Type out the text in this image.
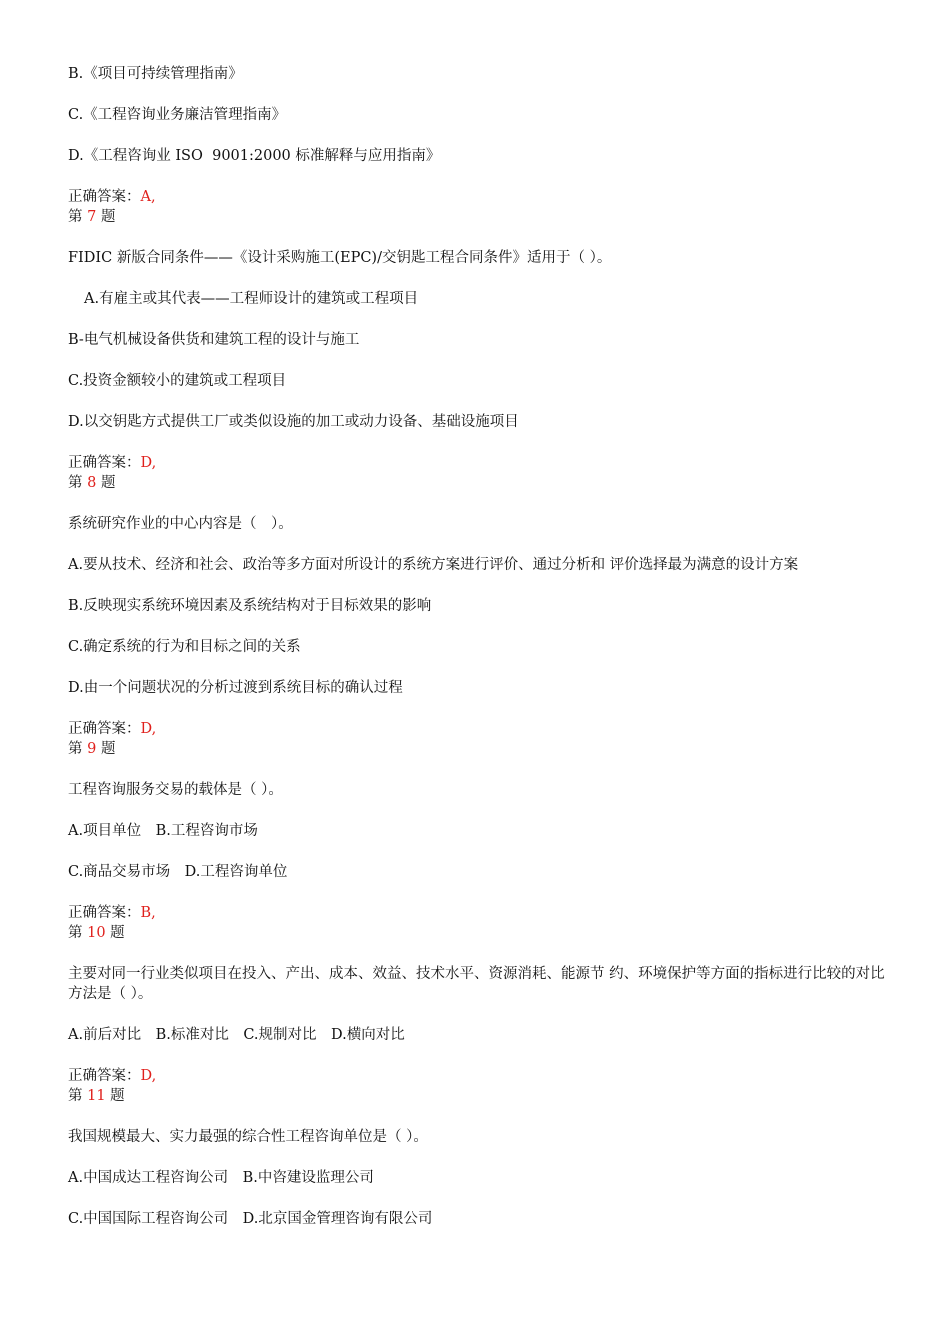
B.《项目可持续管理指南》
C.《工程咨询业务廉洁管理指南》
D.《工程咨询业 ISO  9001:2000 标准解释与应用指南》
正确答案：A,
第 7 题
FIDIC 新版合同条件——《设计采购施工(EPC)/交钥匙工程合同条件》适用于（ ）。
A.有雇主或其代表——工程师设计的建筑或工程项目
B-电气机械设备供货和建筑工程的设计与施工
C.投资金额较小的建筑或工程项目
D.以交钥匙方式提供工厂或类似设施的加工或动力设备、基础设施项目
正确答案：D,
第 8 题
系统研究作业的中心内容是（　）。
A.要从技术、经济和社会、政治等多方面对所设计的系统方案进行评价、通过分析和 评价选择最为满意的设计方案
B.反映现实系统环境因素及系统结构对于目标效果的影响
C.确定系统的行为和目标之间的关系
D.由一个问题状况的分析过渡到系统目标的确认过程
正确答案：D,
第 9 题
工程咨询服务交易的载体是（ ）。
A.项目单位　B.工程咨询市场
C.商品交易市场　D.工程咨询单位
正确答案：B,
第 10 题
主要对同一行业类似项目在投入、产出、成本、效益、技术水平、资源消耗、能源节 约、环境保护等方面的指标进行比较的对比方法是（ ）。
A.前后对比　B.标准对比　C.规制对比　D.横向对比
正确答案：D,
第 11 题
我国规模最大、实力最强的综合性工程咨询单位是（ ）。
A.中国成达工程咨询公司　B.中咨建设监理公司
C.中国国际工程咨询公司　D.北京国金管理咨询有限公司
